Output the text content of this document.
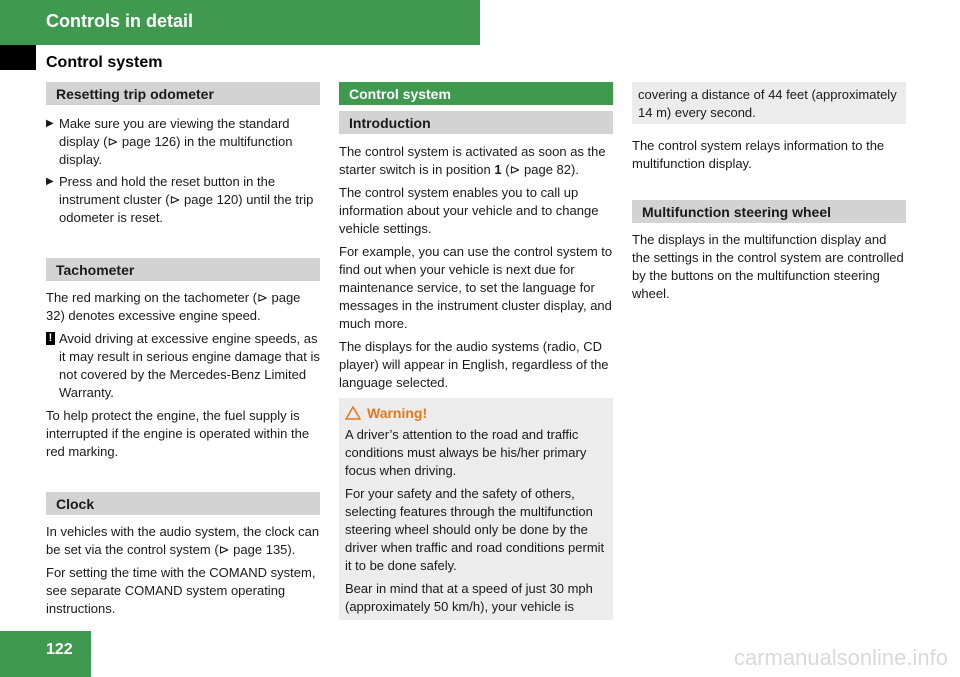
Controls in detail
Control system
Resetting trip odometer

▶ Make sure you are viewing the standard display (⊳ page 126) in the multifunction display.

▶ Press and hold the reset button in the instrument cluster (⊳ page 120) until the trip odometer is reset.

Tachometer

The red marking on the tachometer (⊳ page 32) denotes excessive engine speed.

! Avoid driving at excessive engine speeds, as it may result in serious engine damage that is not covered by the Mercedes-Benz Limited Warranty.

To help protect the engine, the fuel supply is interrupted if the engine is operated within the red marking.

Clock

In vehicles with the audio system, the clock can be set via the control system (⊳ page 135).

For setting the time with the COMAND system, see separate COMAND system operating instructions.

Control system
Introduction

The control system is activated as soon as the starter switch is in position 1 (⊳ page 82).

The control system enables you to call up information about your vehicle and to change vehicle settings.

For example, you can use the control system to find out when your vehicle is next due for maintenance service, to set the language for messages in the instrument cluster display, and much more.

The displays for the audio systems (radio, CD player) will appear in English, regardless of the language selected.

Warning!

A driver’s attention to the road and traffic conditions must always be his/her primary focus when driving.

For your safety and the safety of others, selecting features through the multifunction steering wheel should only be done by the driver when traffic and road conditions permit it to be done safely.

Bear in mind that at a speed of just 30 mph (approximately 50 km/h), your vehicle is

covering a distance of 44 feet (approximately 14 m) every second.

The control system relays information to the multifunction display.

Multifunction steering wheel

The displays in the multifunction display and the settings in the control system are controlled by the buttons on the multifunction steering wheel.

122	carmanualsonline.info
